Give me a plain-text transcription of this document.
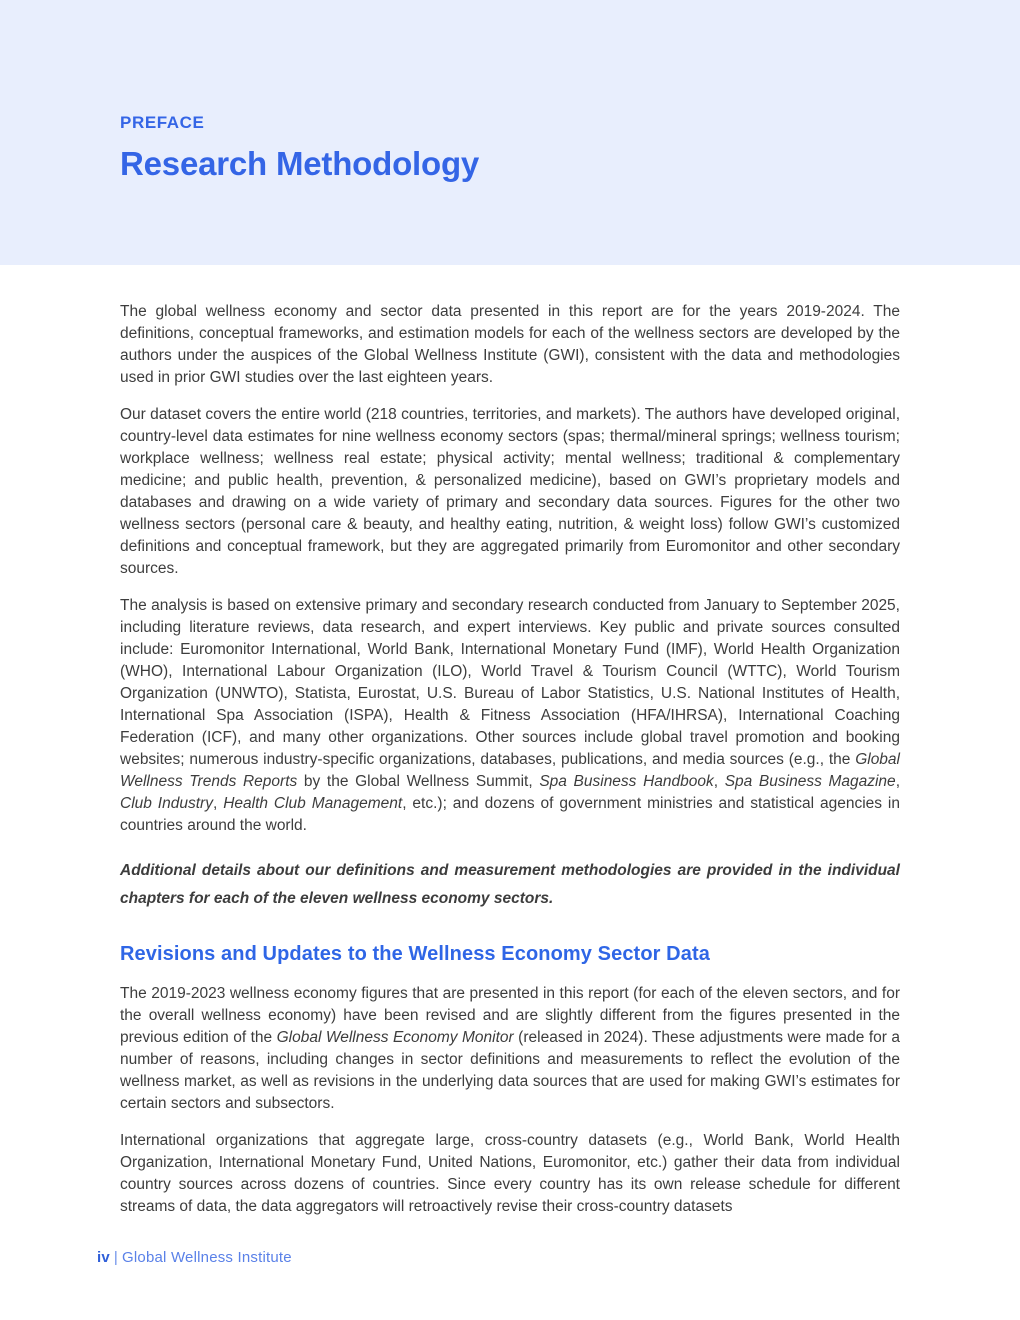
PREFACE
Research Methodology

The global wellness economy and sector data presented in this report are for the years 2019-2024. The definitions, conceptual frameworks, and estimation models for each of the wellness sectors are developed by the authors under the auspices of the Global Wellness Institute (GWI), consistent with the data and methodologies used in prior GWI studies over the last eighteen years.

Our dataset covers the entire world (218 countries, territories, and markets). The authors have developed original, country-level data estimates for nine wellness economy sectors (spas; thermal/mineral springs; wellness tourism; workplace wellness; wellness real estate; physical activity; mental wellness; traditional & complementary medicine; and public health, prevention, & personalized medicine), based on GWI’s proprietary models and databases and drawing on a wide variety of primary and secondary data sources. Figures for the other two wellness sectors (personal care & beauty, and healthy eating, nutrition, & weight loss) follow GWI’s customized definitions and conceptual framework, but they are aggregated primarily from Euromonitor and other secondary sources.

The analysis is based on extensive primary and secondary research conducted from January to September 2025, including literature reviews, data research, and expert interviews. Key public and private sources consulted include: Euromonitor International, World Bank, International Monetary Fund (IMF), World Health Organization (WHO), International Labour Organization (ILO), World Travel & Tourism Council (WTTC), World Tourism Organization (UNWTO), Statista, Eurostat, U.S. Bureau of Labor Statistics, U.S. National Institutes of Health, International Spa Association (ISPA), Health & Fitness Association (HFA/IHRSA), International Coaching Federation (ICF), and many other organizations. Other sources include global travel promotion and booking websites; numerous industry-specific organizations, databases, publications, and media sources (e.g., the Global Wellness Trends Reports by the Global Wellness Summit, Spa Business Handbook, Spa Business Magazine, Club Industry, Health Club Management, etc.); and dozens of government ministries and statistical agencies in countries around the world.

Additional details about our definitions and measurement methodologies are provided in the individual chapters for each of the eleven wellness economy sectors.

Revisions and Updates to the Wellness Economy Sector Data

The 2019-2023 wellness economy figures that are presented in this report (for each of the eleven sectors, and for the overall wellness economy) have been revised and are slightly different from the figures presented in the previous edition of the Global Wellness Economy Monitor (released in 2024). These adjustments were made for a number of reasons, including changes in sector definitions and measurements to reflect the evolution of the wellness market, as well as revisions in the underlying data sources that are used for making GWI’s estimates for certain sectors and subsectors.

International organizations that aggregate large, cross-country datasets (e.g., World Bank, World Health Organization, International Monetary Fund, United Nations, Euromonitor, etc.) gather their data from individual country sources across dozens of countries. Since every country has its own release schedule for different streams of data, the data aggregators will retroactively revise their cross-country datasets

iv | Global Wellness Institute
